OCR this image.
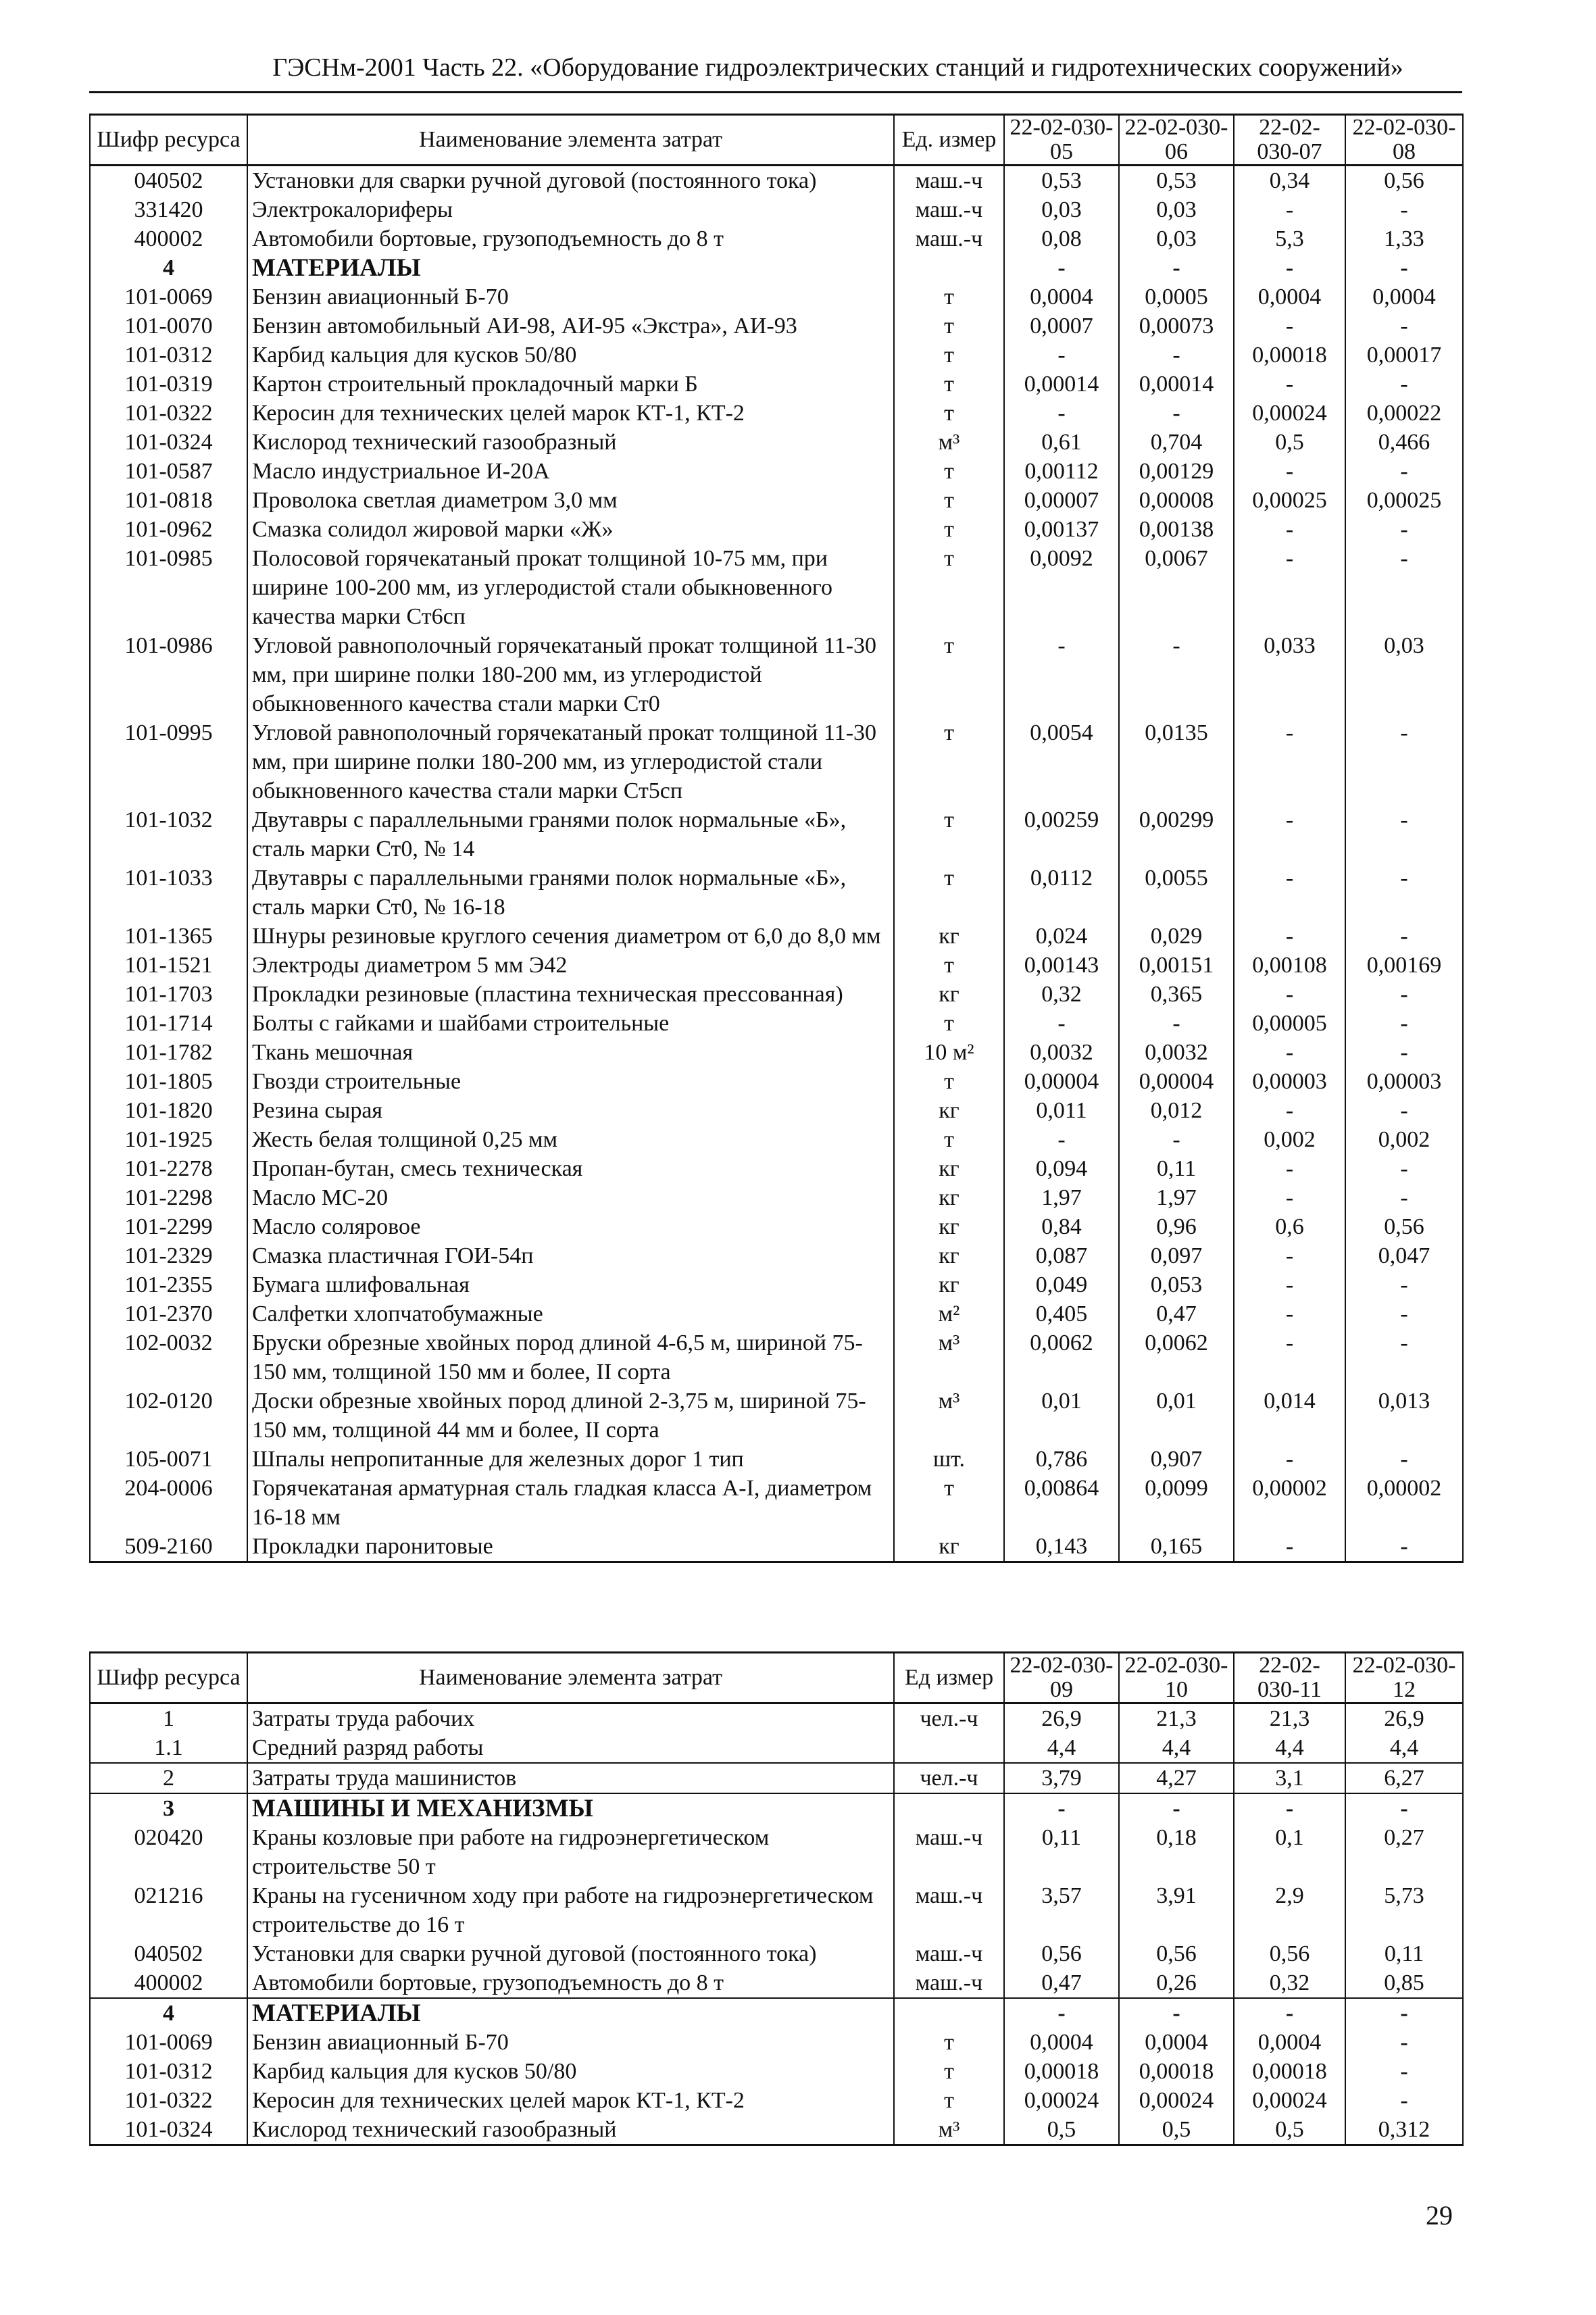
ГЭСНм-2001 Часть 22. «Оборудование гидроэлектрических станций и гидротехнических сооружений»
Шифр ресурса	Наименование элемента затрат	Ед. измер	22-02-030-05	22-02-030-06	22-02-030-07	22-02-030-08
040502	Установки для сварки ручной дуговой (постоянного тока)	маш.-ч	0,53	0,53	0,34	0,56
331420	Электрокалориферы	маш.-ч	0,03	0,03	-	-
400002	Автомобили бортовые, грузоподъемность до 8 т	маш.-ч	0,08	0,03	5,3	1,33
4	МАТЕРИАЛЫ		-	-	-	-
101-0069	Бензин авиационный Б-70	т	0,0004	0,0005	0,0004	0,0004
101-0070	Бензин автомобильный АИ-98, АИ-95 «Экстра», АИ-93	т	0,0007	0,00073	-	-
101-0312	Карбид кальция для кусков 50/80	т	-	-	0,00018	0,00017
101-0319	Картон строительный прокладочный марки Б	т	0,00014	0,00014	-	-
101-0322	Керосин для технических целей марок КТ-1, КТ-2	т	-	-	0,00024	0,00022
101-0324	Кислород технический газообразный	м³	0,61	0,704	0,5	0,466
101-0587	Масло индустриальное И-20А	т	0,00112	0,00129	-	-
101-0818	Проволока светлая диаметром 3,0 мм	т	0,00007	0,00008	0,00025	0,00025
101-0962	Смазка солидол жировой марки «Ж»	т	0,00137	0,00138	-	-
101-0985	Полосовой горячекатаный прокат толщиной 10-75 мм, при ширине 100-200 мм, из углеродистой стали обыкновенного качества марки Ст6сп	т	0,0092	0,0067	-	-
101-0986	Угловой равнополочный горячекатаный прокат толщиной 11-30 мм, при ширине полки 180-200 мм, из углеродистой обыкновенного качества стали марки Ст0	т	-	-	0,033	0,03
101-0995	Угловой равнополочный горячекатаный прокат толщиной 11-30 мм, при ширине полки 180-200 мм, из углеродистой стали обыкновенного качества стали марки Ст5сп	т	0,0054	0,0135	-	-
101-1032	Двутавры с параллельными гранями полок нормальные «Б», сталь марки Ст0, № 14	т	0,00259	0,00299	-	-
101-1033	Двутавры с параллельными гранями полок нормальные «Б», сталь марки Ст0, № 16-18	т	0,0112	0,0055	-	-
101-1365	Шнуры резиновые круглого сечения диаметром от 6,0 до 8,0 мм	кг	0,024	0,029	-	-
101-1521	Электроды диаметром 5 мм Э42	т	0,00143	0,00151	0,00108	0,00169
101-1703	Прокладки резиновые (пластина техническая прессованная)	кг	0,32	0,365	-	-
101-1714	Болты с гайками и шайбами строительные	т	-	-	0,00005	-
101-1782	Ткань мешочная	10 м²	0,0032	0,0032	-	-
101-1805	Гвозди строительные	т	0,00004	0,00004	0,00003	0,00003
101-1820	Резина сырая	кг	0,011	0,012	-	-
101-1925	Жесть белая толщиной 0,25 мм	т	-	-	0,002	0,002
101-2278	Пропан-бутан, смесь техническая	кг	0,094	0,11	-	-
101-2298	Масло МС-20	кг	1,97	1,97	-	-
101-2299	Масло соляровое	кг	0,84	0,96	0,6	0,56
101-2329	Смазка пластичная ГОИ-54п	кг	0,087	0,097	-	0,047
101-2355	Бумага шлифовальная	кг	0,049	0,053	-	-
101-2370	Салфетки хлопчатобумажные	м²	0,405	0,47	-	-
102-0032	Бруски обрезные хвойных пород длиной 4-6,5 м, шириной 75-150 мм, толщиной 150 мм и более, II сорта	м³	0,0062	0,0062	-	-
102-0120	Доски обрезные хвойных пород длиной 2-3,75 м, шириной 75-150 мм, толщиной 44 мм и более, II сорта	м³	0,01	0,01	0,014	0,013
105-0071	Шпалы непропитанные для железных дорог 1 тип	шт.	0,786	0,907	-	-
204-0006	Горячекатаная арматурная сталь гладкая класса А-I, диаметром 16-18 мм	т	0,00864	0,0099	0,00002	0,00002
509-2160	Прокладки паронитовые	кг	0,143	0,165	-	-
Шифр ресурса	Наименование элемента затрат	Ед измер	22-02-030-09	22-02-030-10	22-02-030-11	22-02-030-12
1	Затраты труда рабочих	чел.-ч	26,9	21,3	21,3	26,9
1.1	Средний разряд работы		4,4	4,4	4,4	4,4
2	Затраты труда машинистов	чел.-ч	3,79	4,27	3,1	6,27
3	МАШИНЫ И МЕХАНИЗМЫ		-	-	-	-
020420	Краны козловые при работе на гидроэнергетическом строительстве 50 т	маш.-ч	0,11	0,18	0,1	0,27
021216	Краны на гусеничном ходу при работе на гидроэнергетическом строительстве до 16 т	маш.-ч	3,57	3,91	2,9	5,73
040502	Установки для сварки ручной дуговой (постоянного тока)	маш.-ч	0,56	0,56	0,56	0,11
400002	Автомобили бортовые, грузоподъемность до 8 т	маш.-ч	0,47	0,26	0,32	0,85
4	МАТЕРИАЛЫ		-	-	-	-
101-0069	Бензин авиационный Б-70	т	0,0004	0,0004	0,0004	-
101-0312	Карбид кальция для кусков 50/80	т	0,00018	0,00018	0,00018	-
101-0322	Керосин для технических целей марок КТ-1, КТ-2	т	0,00024	0,00024	0,00024	-
101-0324	Кислород технический газообразный	м³	0,5	0,5	0,5	0,312
29
